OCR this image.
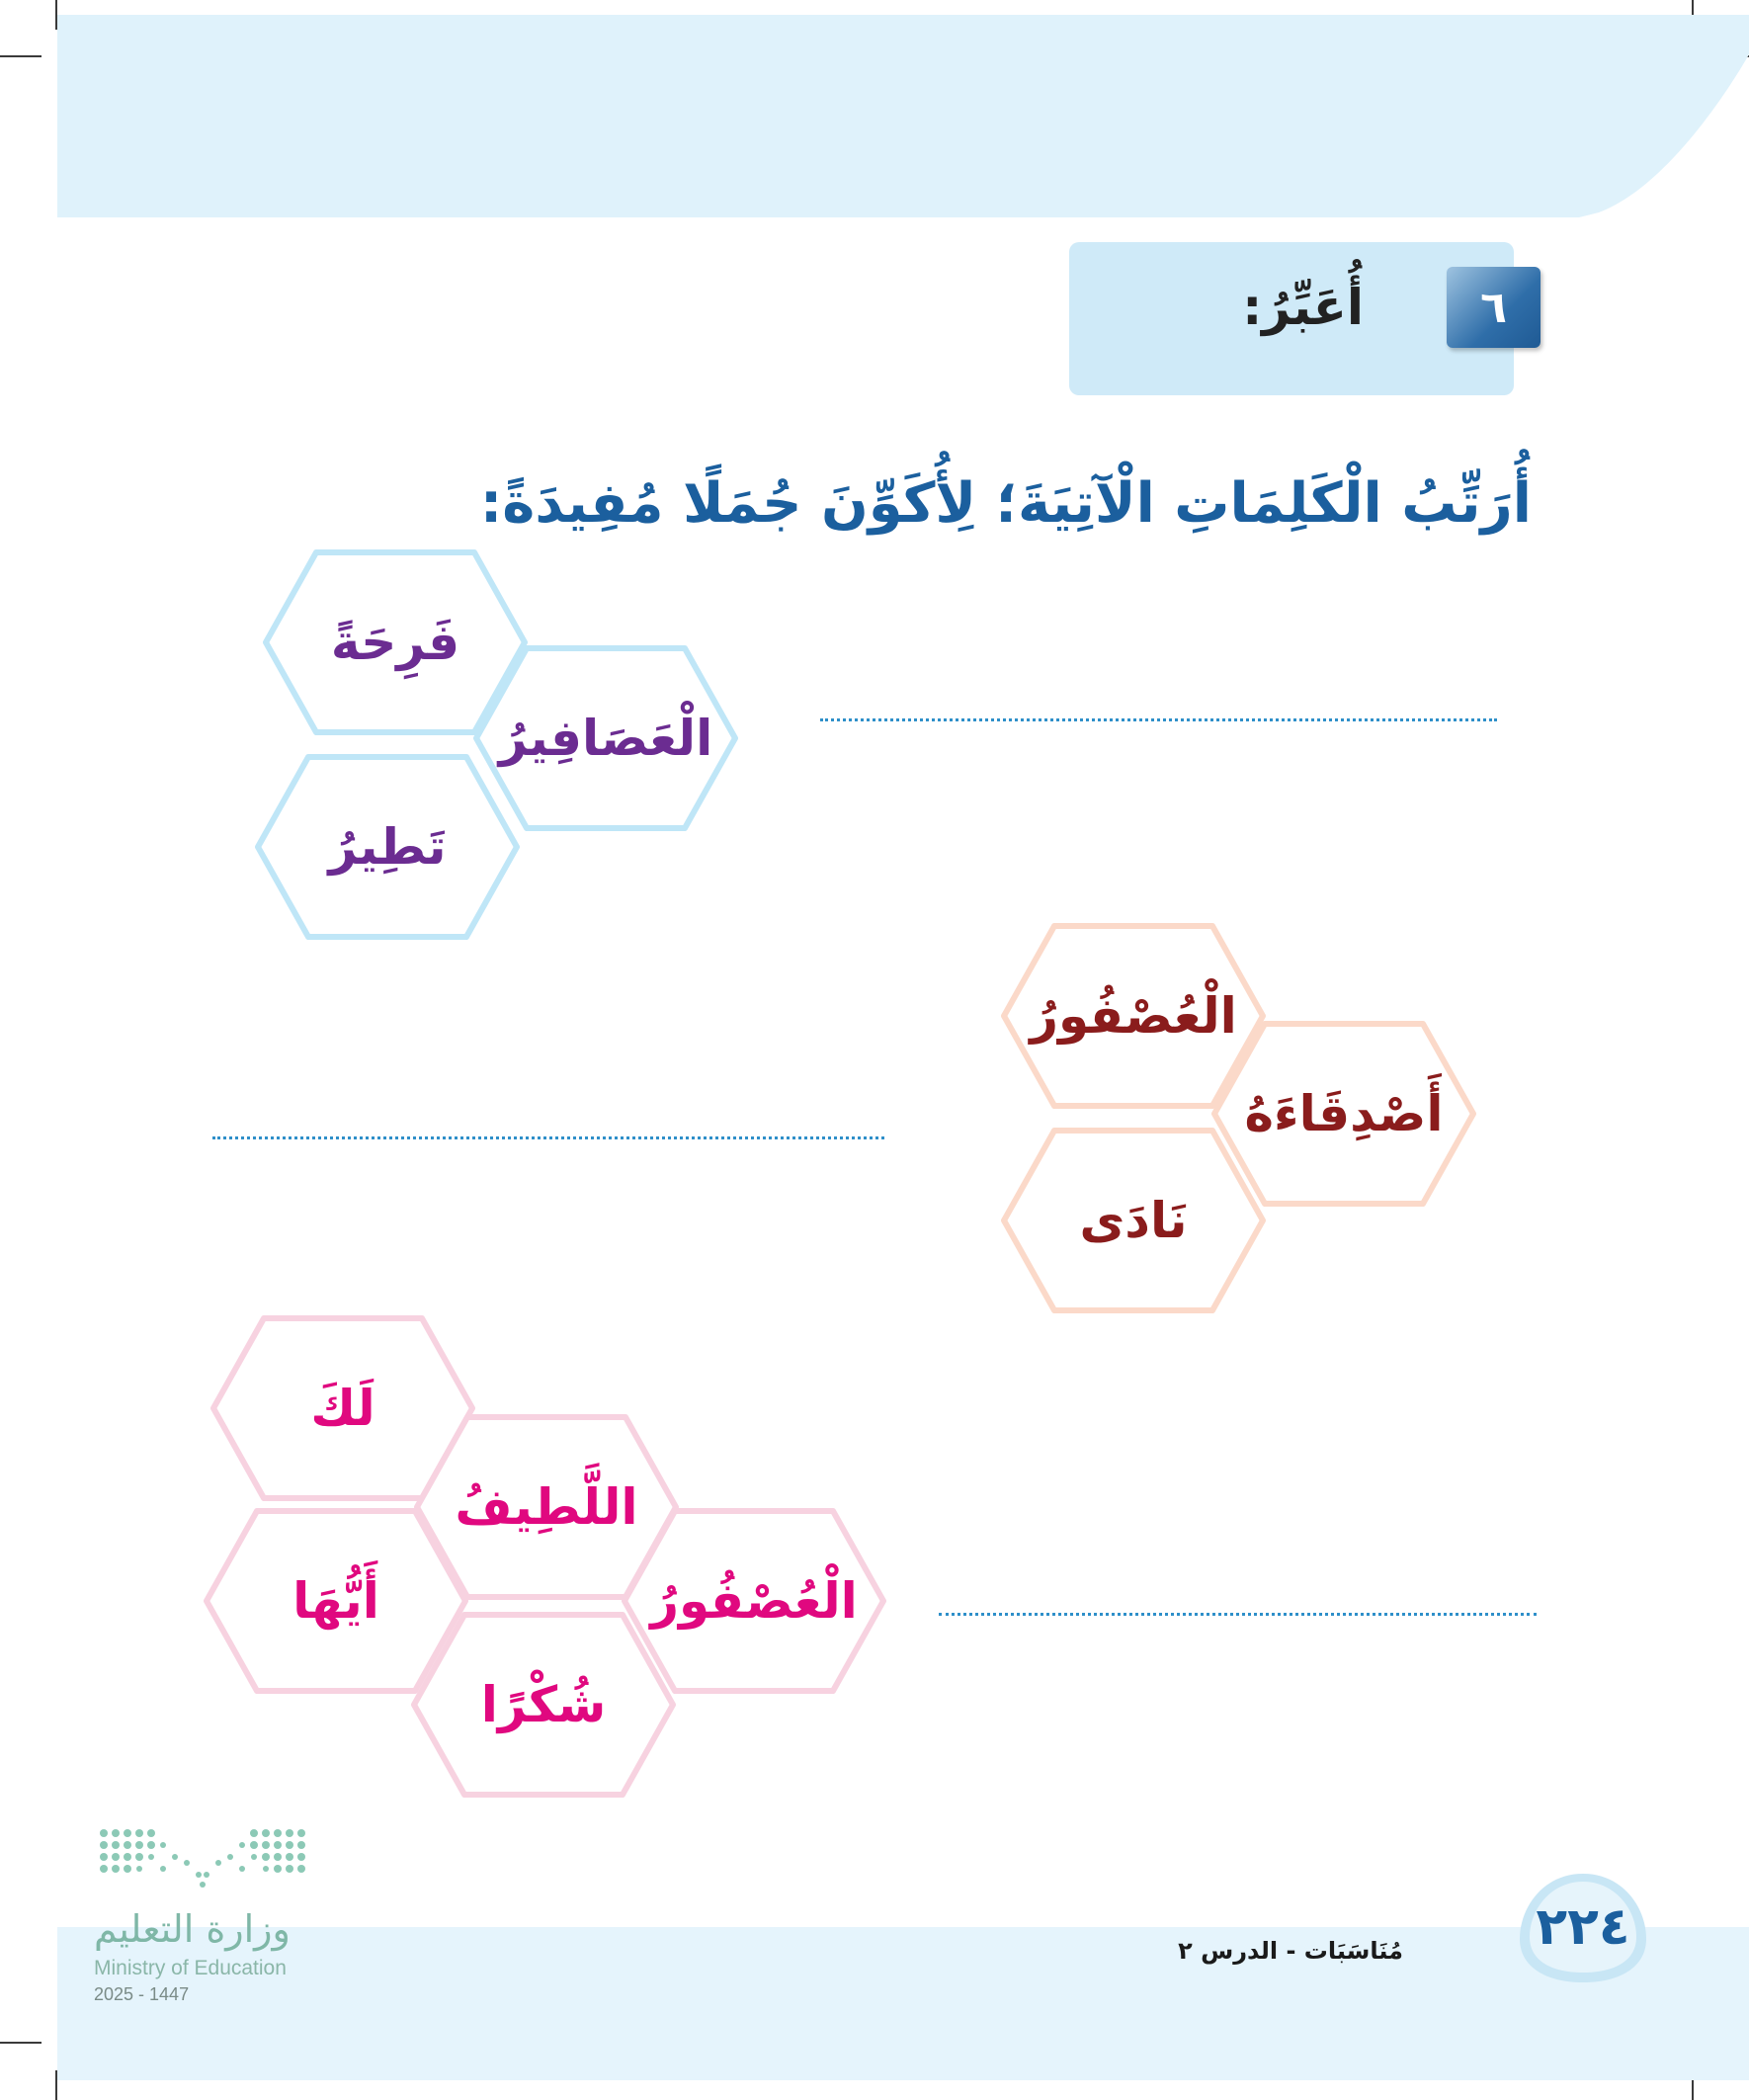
٦
أُعَبِّرُ:
أُرَتِّبُ الْكَلِمَاتِ الْآتِيَةَ؛ لِأُكَوِّنَ جُمَلًا مُفِيدَةً:
فَرِحَةً
تَطِيرُ
الْعَصَافِيرُ
الْعُصْفُورُ
نَادَى
أَصْدِقَاءَهُ
لَكَ
أَيُّهَا
اللَّطِيفُ
شُكْرًا
الْعُصْفُورُ
٢٢٤
مُنَاسَبَات - الدرس ٢
وزارة التعليم
Ministry of Education
2025 - 1447
